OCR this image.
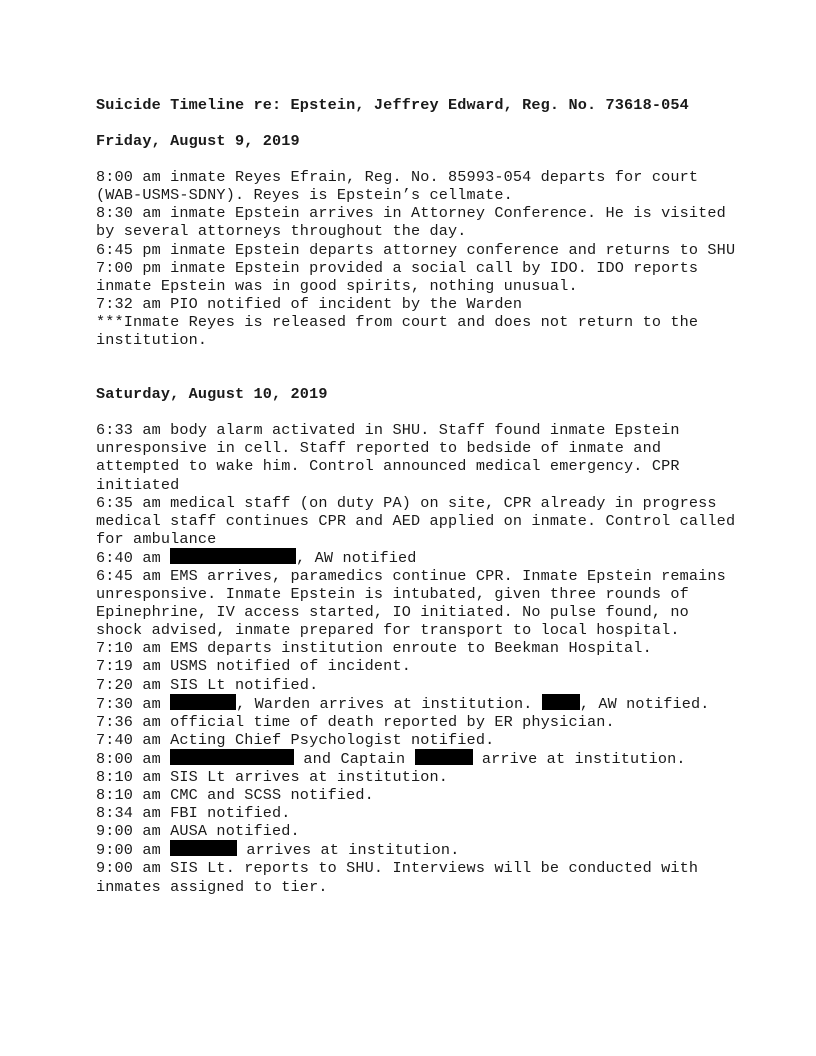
Suicide Timeline re: Epstein, Jeffrey Edward, Reg. No. 73618-054

Friday, August 9, 2019

8:00 am inmate Reyes Efrain, Reg. No. 85993-054 departs for court (WAB-USMS-SDNY). Reyes is Epstein’s cellmate.

8:30 am inmate Epstein arrives in Attorney Conference. He is visited by several attorneys throughout the day.

6:45 pm inmate Epstein departs attorney conference and returns to SHU

7:00 pm inmate Epstein provided a social call by IDO. IDO reports inmate Epstein was in good spirits, nothing unusual.

7:32 am PIO notified of incident by the Warden

***Inmate Reyes is released from court and does not return to the institution.

Saturday, August 10, 2019

6:33 am body alarm activated in SHU. Staff found inmate Epstein unresponsive in cell. Staff reported to bedside of inmate and attempted to wake him. Control announced medical emergency. CPR initiated

6:35 am medical staff (on duty PA) on site, CPR already in progress medical staff continues CPR and AED applied on inmate. Control called for ambulance

6:40 am	, AW notified

6:45 am EMS arrives, paramedics continue CPR. Inmate Epstein remains unresponsive. Inmate Epstein is intubated, given three rounds of Epinephrine, IV access started, IO initiated. No pulse found, no shock advised, inmate prepared for transport to local hospital.

7:10 am EMS departs institution enroute to Beekman Hospital.

7:19 am USMS notified of incident.

7:20 am SIS Lt notified.

7:30 am	, Warden arrives at institution.	, AW notified.

7:36 am official time of death reported by ER physician.

7:40 am Acting Chief Psychologist notified.

8:00 am	and Captain	arrive at institution.

8:10 am SIS Lt arrives at institution.

8:10 am CMC and SCSS notified.

8:34 am FBI notified.

9:00 am AUSA notified.

9:00 am	arrives at institution.

9:00 am SIS Lt. reports to SHU. Interviews will be conducted with inmates assigned to tier.
